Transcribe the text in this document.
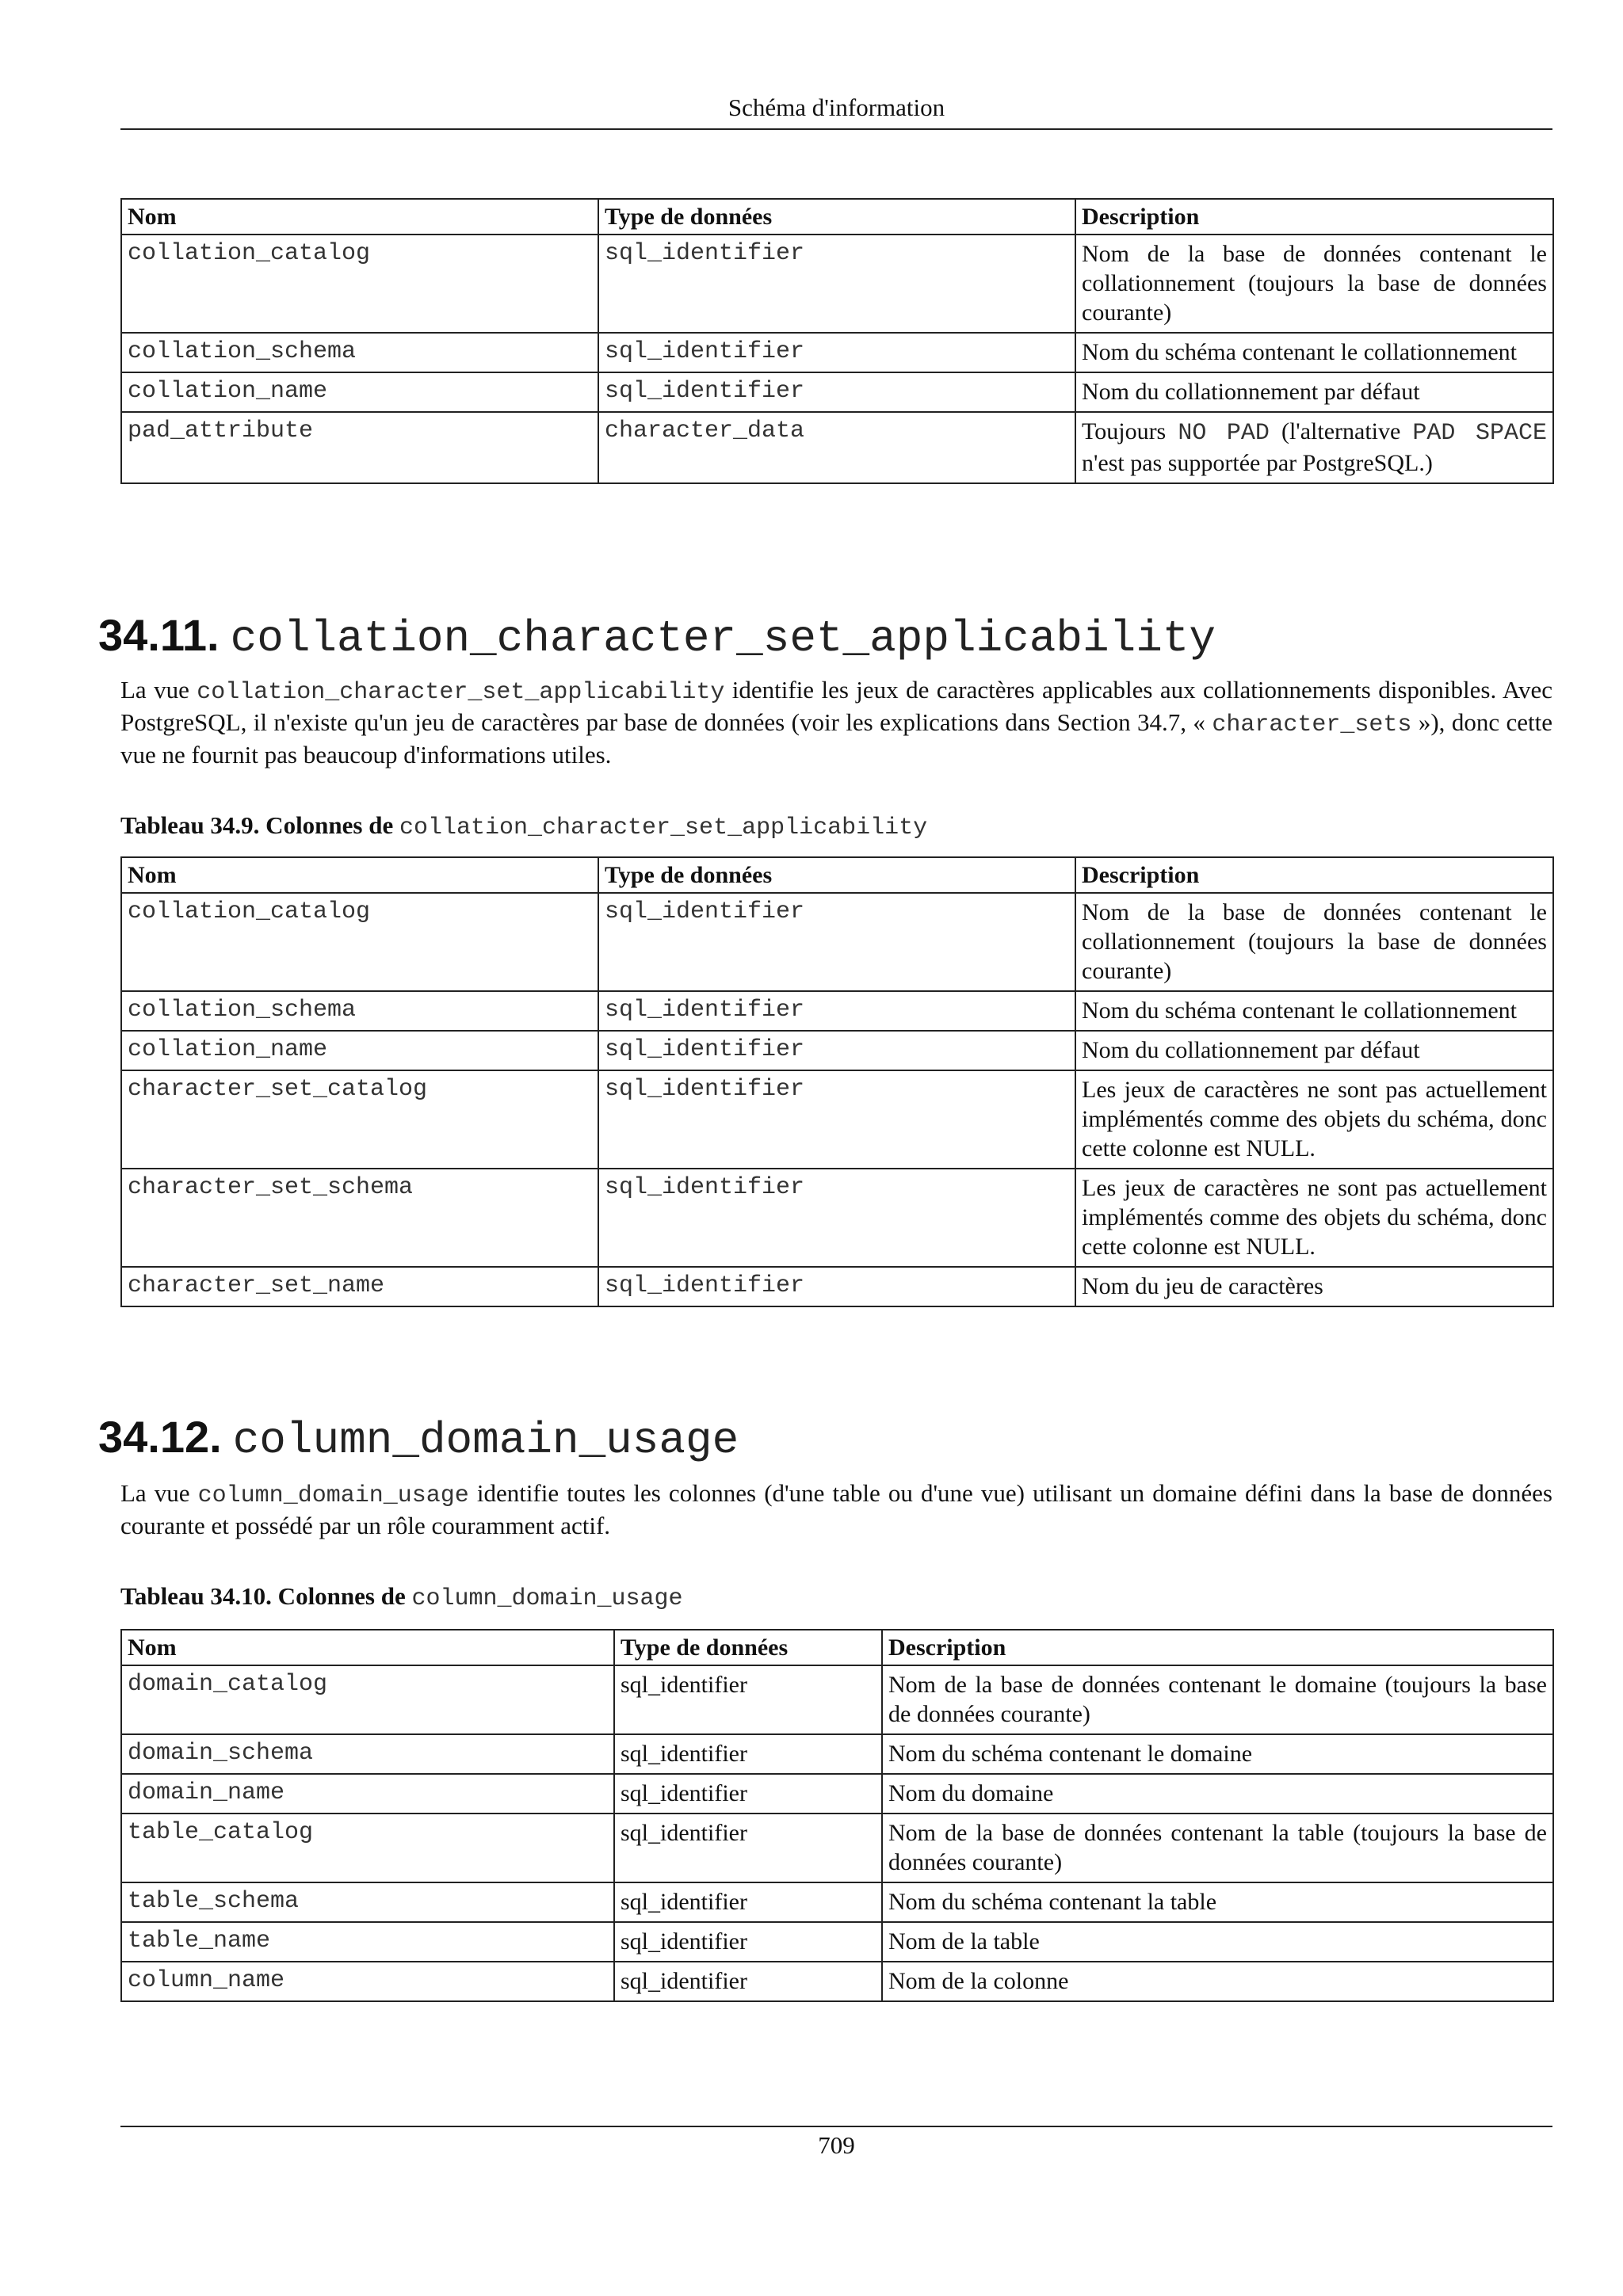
Schéma d'information
Nom	Type de données	Description
collation_catalog	sql_identifier	Nom de la base de données contenant le collationnement (toujours la base de données courante)
collation_schema	sql_identifier	Nom du schéma contenant le collationnement
collation_name	sql_identifier	Nom du collationnement par défaut
pad_attribute	character_data	Toujours NO PAD (l'alternative PAD SPACE n'est pas supportée par PostgreSQL.)
34.11. collation_character_set_applicability
La vue collation_character_set_applicability identifie les jeux de caractères applicables aux collationnements disponibles. Avec PostgreSQL, il n'existe qu'un jeu de caractères par base de données (voir les explications dans Section 34.7, « character_sets »), donc cette vue ne fournit pas beaucoup d'informations utiles.
Tableau 34.9. Colonnes de collation_character_set_applicability
Nom	Type de données	Description
collation_catalog	sql_identifier	Nom de la base de données contenant le collationnement (toujours la base de données courante)
collation_schema	sql_identifier	Nom du schéma contenant le collationnement
collation_name	sql_identifier	Nom du collationnement par défaut
character_set_catalog	sql_identifier	Les jeux de caractères ne sont pas actuellement implémentés comme des objets du schéma, donc cette colonne est NULL.
character_set_schema	sql_identifier	Les jeux de caractères ne sont pas actuellement implémentés comme des objets du schéma, donc cette colonne est NULL.
character_set_name	sql_identifier	Nom du jeu de caractères
34.12. column_domain_usage
La vue column_domain_usage identifie toutes les colonnes (d'une table ou d'une vue) utilisant un domaine défini dans la base de données courante et possédé par un rôle couramment actif.
Tableau 34.10. Colonnes de column_domain_usage
Nom	Type de données	Description
domain_catalog	sql_identifier	Nom de la base de données contenant le domaine (toujours la base de données courante)
domain_schema	sql_identifier	Nom du schéma contenant le domaine
domain_name	sql_identifier	Nom du domaine
table_catalog	sql_identifier	Nom de la base de données contenant la table (toujours la base de données courante)
table_schema	sql_identifier	Nom du schéma contenant la table
table_name	sql_identifier	Nom de la table
column_name	sql_identifier	Nom de la colonne
709
